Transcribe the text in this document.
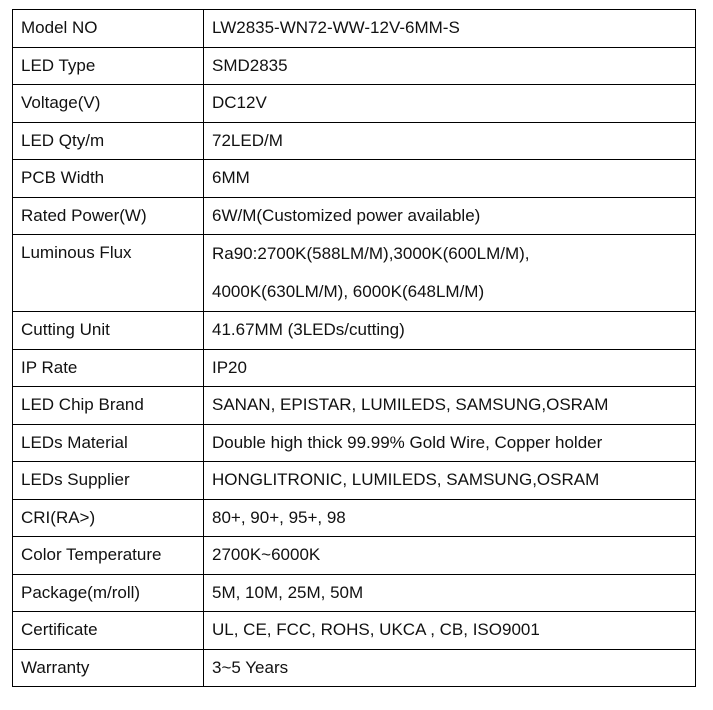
Model NO	LW2835-WN72-WW-12V-6MM-S
LED Type	SMD2835
Voltage(V)	DC12V
LED Qty/m	72LED/M
PCB Width	6MM
Rated Power(W)	6W/M(Customized power available)
Luminous Flux	Ra90:2700K(588LM/M),3000K(600LM/M),
4000K(630LM/M), 6000K(648LM/M)

Cutting Unit	41.67MM (3LEDs/cutting)
IP Rate	IP20
LED Chip Brand	SANAN, EPISTAR, LUMILEDS, SAMSUNG,OSRAM
LEDs Material	Double high thick 99.99% Gold Wire, Copper holder
LEDs Supplier	HONGLITRONIC, LUMILEDS, SAMSUNG,OSRAM
CRI(RA>)	80+, 90+, 95+, 98
Color Temperature	2700K~6000K
Package(m/roll)	5M, 10M, 25M, 50M
Certificate	UL, CE, FCC, ROHS, UKCA , CB, ISO9001
Warranty	3~5 Years
